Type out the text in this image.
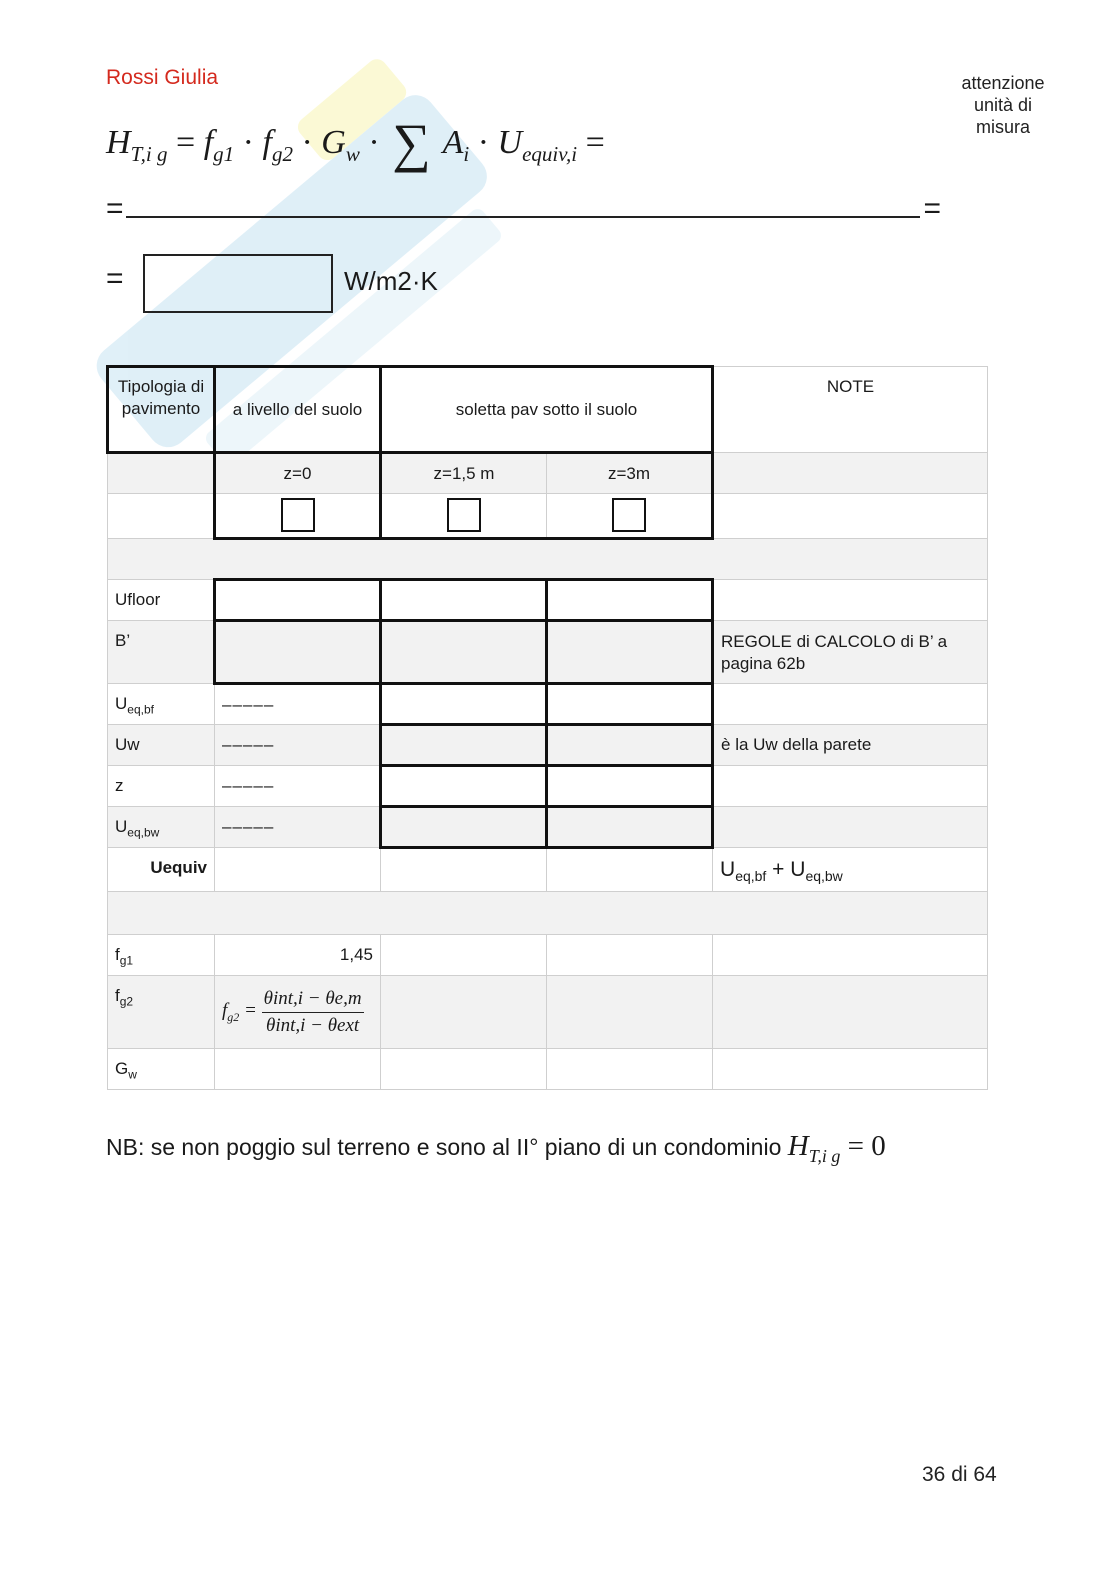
Rossi Giulia	attenzione unità di misura
$H_{T,i g} = f_{g1} \cdot f_{g2} \cdot G_w$ · ∑ $A_i \cdot U_{equiv,i}$ =
=	=
=	W/m2·K
Tipologia di pavimento	a livello del suolo	soletta pav sotto il suolo		NOTE
	z=0	z=1,5 m	z=3m	

Ufloor				
B’				REGOLE di CALCOLO di B’ a pagina 62b
$U_{eq,bf}$	–––––			
Uw	–––––			è la Uw della parete
z	–––––			
$U_{eq,bw}$	–––––			
Uequiv				$U_{eq,bf} + U_{eq,bw}$

$f_{g1}$	1,45			
$f_{g2}$	$f_{g2} = \frac{\text{θint,i − θe,m}}{\text{θint,i − θext}}$

$G_w$				
NB: se non poggio sul terreno e sono al II° piano di un condominio $H_{T,i g} = 0$
36 di 64
